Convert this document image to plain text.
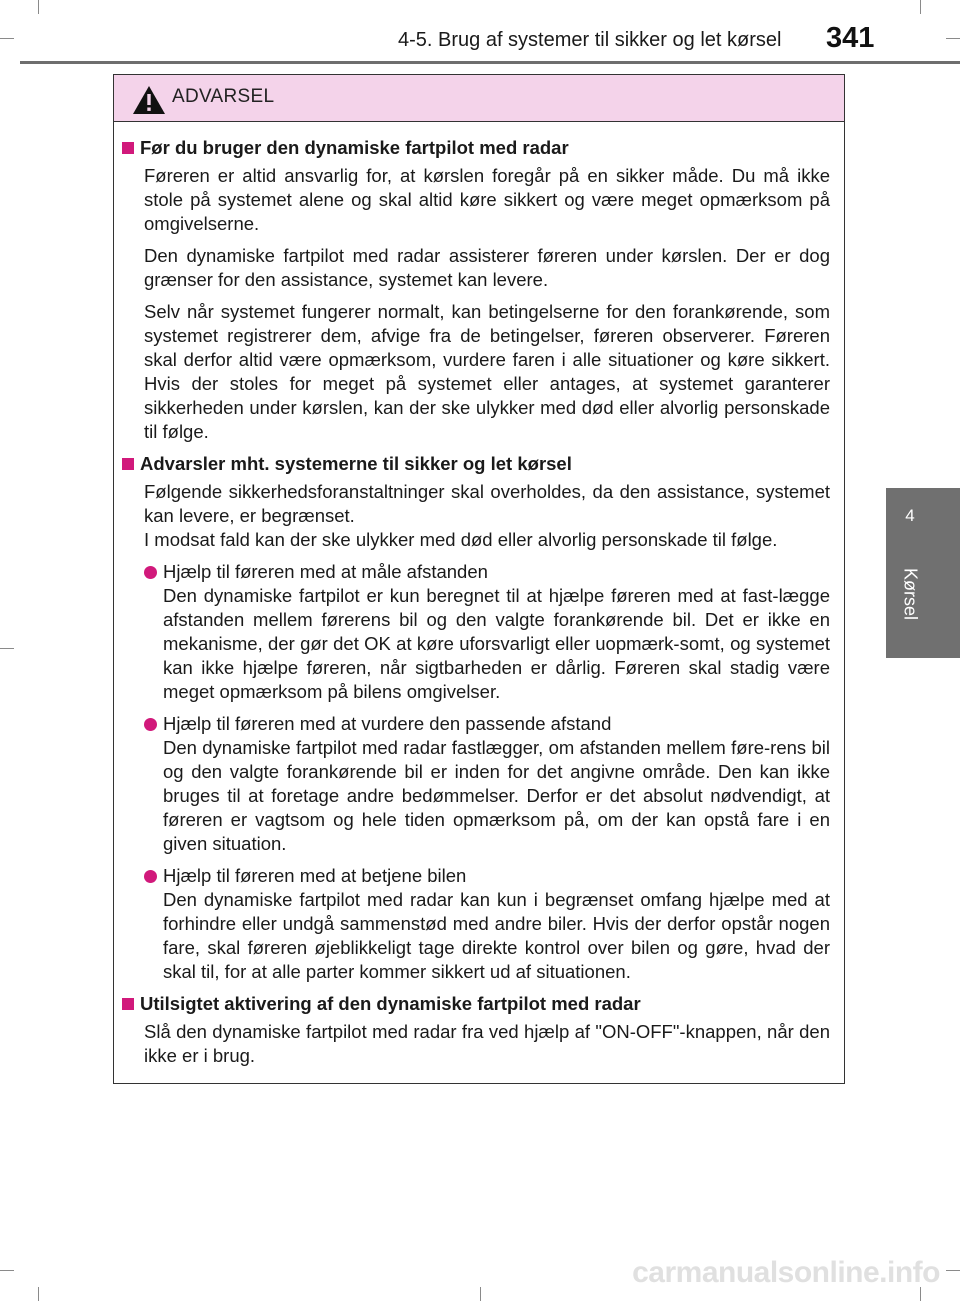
4-5. Brug af systemer til sikker og let kørsel 341
4
Kørsel
ADVARSEL
Før du bruger den dynamiske fartpilot med radar
Føreren er altid ansvarlig for, at kørslen foregår på en sikker måde. Du må ikke stole på systemet alene og skal altid køre sikkert og være meget opmærksom på omgivelserne.
Den dynamiske fartpilot med radar assisterer føreren under kørslen. Der er dog grænser for den assistance, systemet kan levere.
Selv når systemet fungerer normalt, kan betingelserne for den forankørende, som systemet registrerer dem, afvige fra de betingelser, føreren observerer. Føreren skal derfor altid være opmærksom, vurdere faren i alle situationer og køre sikkert. Hvis der stoles for meget på systemet eller antages, at systemet garanterer sikkerheden under kørslen, kan der ske ulykker med død eller alvorlig personskade til følge.
Advarsler mht. systemerne til sikker og let kørsel
Følgende sikkerhedsforanstaltninger skal overholdes, da den assistance, systemet kan levere, er begrænset.
I modsat fald kan der ske ulykker med død eller alvorlig personskade til følge.
Hjælp til føreren med at måle afstanden
Den dynamiske fartpilot er kun beregnet til at hjælpe føreren med at fast-lægge afstanden mellem førerens bil og den valgte forankørende bil. Det er ikke en mekanisme, der gør det OK at køre uforsvarligt eller uopmærk-somt, og systemet kan ikke hjælpe føreren, når sigtbarheden er dårlig. Føreren skal stadig være meget opmærksom på bilens omgivelser.
Hjælp til føreren med at vurdere den passende afstand
Den dynamiske fartpilot med radar fastlægger, om afstanden mellem føre-rens bil og den valgte forankørende bil er inden for det angivne område. Den kan ikke bruges til at foretage andre bedømmelser. Derfor er det absolut nødvendigt, at føreren er vagtsom og hele tiden opmærksom på, om der kan opstå fare i en given situation.
Hjælp til føreren med at betjene bilen
Den dynamiske fartpilot med radar kan kun i begrænset omfang hjælpe med at forhindre eller undgå sammenstød med andre biler. Hvis der derfor opstår nogen fare, skal føreren øjeblikkeligt tage direkte kontrol over bilen og gøre, hvad der skal til, for at alle parter kommer sikkert ud af situationen.
Utilsigtet aktivering af den dynamiske fartpilot med radar
Slå den dynamiske fartpilot med radar fra ved hjælp af "ON-OFF"-knappen, når den ikke er i brug.
carmanualsonline.info
